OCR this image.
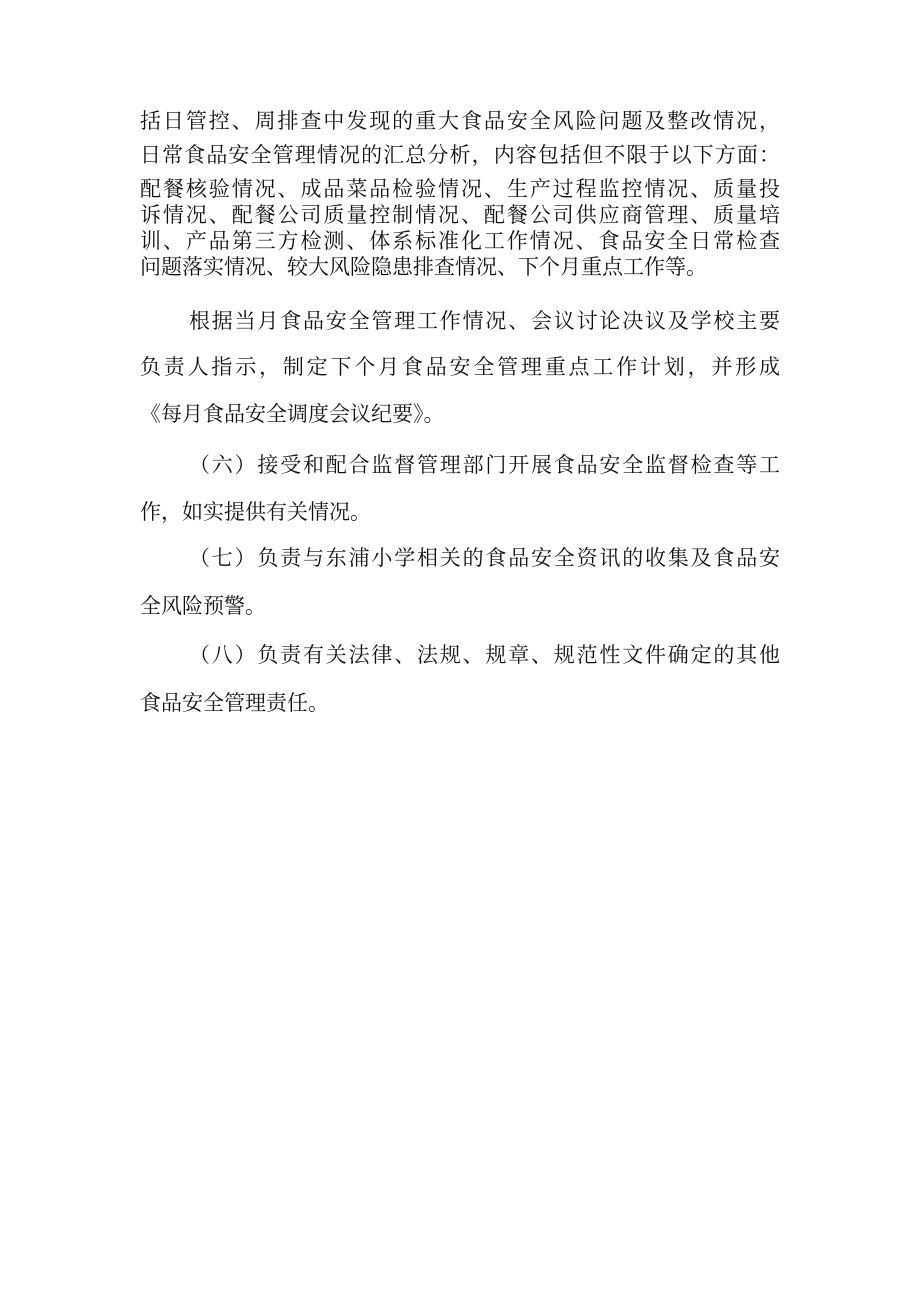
括日管控、周排查中发现的重大食品安全风险问题及整改情况，
日常食品安全管理情况的汇总分析，内容包括但不限于以下方面：
配餐核验情况、成品菜品检验情况、生产过程监控情况、质量投
诉情况、配餐公司质量控制情况、配餐公司供应商管理、质量培
训、产品第三方检测、体系标准化工作情况、食品安全日常检查
问题落实情况、较大风险隐患排查情况、下个月重点工作等。
根据当月食品安全管理工作情况、会议讨论决议及学校主要
负责人指示，制定下个月食品安全管理重点工作计划，并形成
《每月食品安全调度会议纪要》。
（六）接受和配合监督管理部门开展食品安全监督检查等工
作，如实提供有关情况。
（七）负责与东浦小学相关的食品安全资讯的收集及食品安
全风险预警。
（八）负责有关法律、法规、规章、规范性文件确定的其他
食品安全管理责任。
